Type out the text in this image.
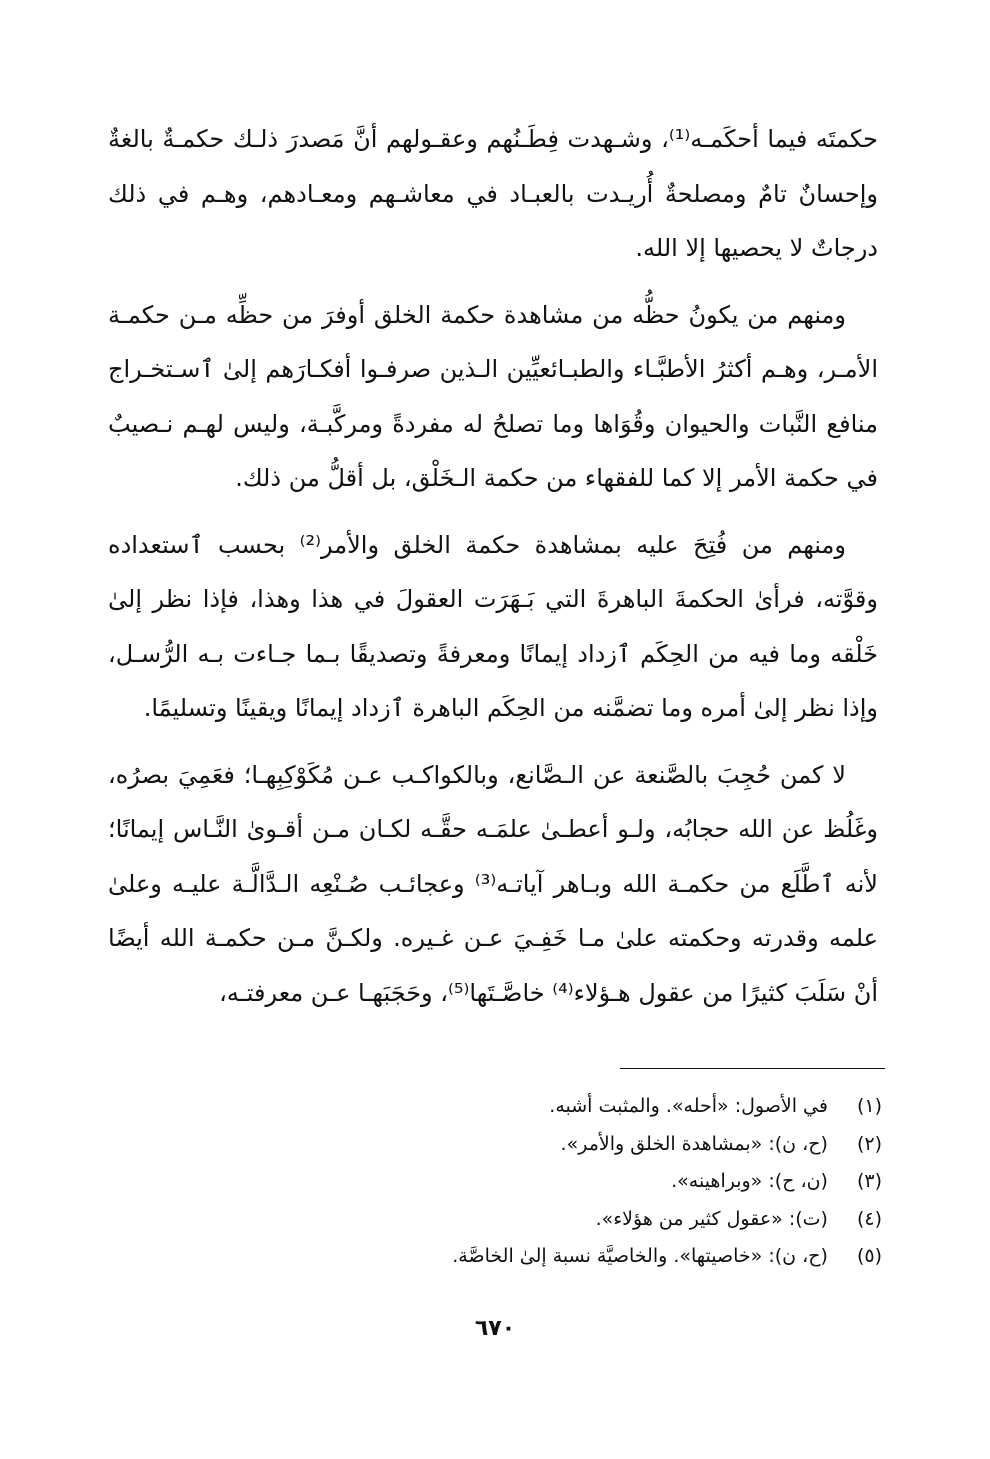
حكمتَه فيما أحكَمـه⁽¹⁾، وشـهدت فِطَـنُهم وعقـولهم أنَّ مَصدرَ ذلـك حكمـةٌ بالغةٌ وإحسانٌ تامٌ ومصلحةٌ أُريـدت بالعبـاد في معاشـهم ومعـادهم، وهـم في ذلك درجاتٌ لا يحصيها إلا الله.

ومنهم من يكونُ حظُّه من مشاهدة حكمة الخلق أوفرَ من حظِّه مـن حكمـة الأمـر، وهـم أكثرُ الأطبَّـاء والطبـائعيِّين الـذين صرفـوا أفكـارَهم إلىٰ ٱسـتخـراج منافع النَّبات والحيوان وقُوَاها وما تصلحُ له مفردةً ومركَّبـة، وليس لهـم نـصيبٌ في حكمة الأمر إلا كما للفقهاء من حكمة الـخَلْق، بل أقلُّ من ذلك.

ومنهم من فُتِحَ عليه بمشاهدة حكمة الخلق والأمر⁽²⁾ بحسب ٱستعداده وقوَّته، فرأىٰ الحكمةَ الباهرةَ التي بَـهَرَت العقولَ في هذا وهذا، فإذا نظر إلىٰ خَلْقه وما فيه من الحِكَم ٱزداد إيمانًا ومعرفةً وتصديقًا بـما جـاءت بـه الرُّسـل، وإذا نظر إلىٰ أمره وما تضمَّنه من الحِكَم الباهرة ٱزداد إيمانًا ويقينًا وتسليمًا.

لا كمن حُجِبَ بالصَّنعة عن الـصَّانع، وبالكواكـب عـن مُكَوْكِبِهـا؛ فعَمِيَ بصرُه، وغَلُظ عن الله حجابُه، ولـو أعطـىٰ علمَـه حقَّـه لكـان مـن أقـوىٰ النَّـاس إيمانًا؛ لأنه ٱطَّلَع من حكمـة الله وبـاهر آياتـه⁽³⁾ وعجائـب صُـنْعِه الـدَّالَّـة عليـه وعلىٰ علمه وقدرته وحكمته علىٰ مـا خَفِـيَ عـن غـيره. ولكـنَّ مـن حكمـة الله أيضًا أنْ سَلَبَ كثيرًا من عقول هـؤلاء⁽⁴⁾ خاصَّـتَها⁽⁵⁾، وحَجَبَهـا عـن معرفتـه،

(١) في الأصول: «أحله». والمثبت أشبه.
(٢) (ح، ن): «بمشاهدة الخلق والأمر».
(٣) (ن، ح): «وبراهينه».
(٤) (ت): «عقول كثير من هؤلاء».
(٥) (ح، ن): «خاصيتها». والخاصيَّة نسبة إلىٰ الخاصَّة.
٦٧٠
